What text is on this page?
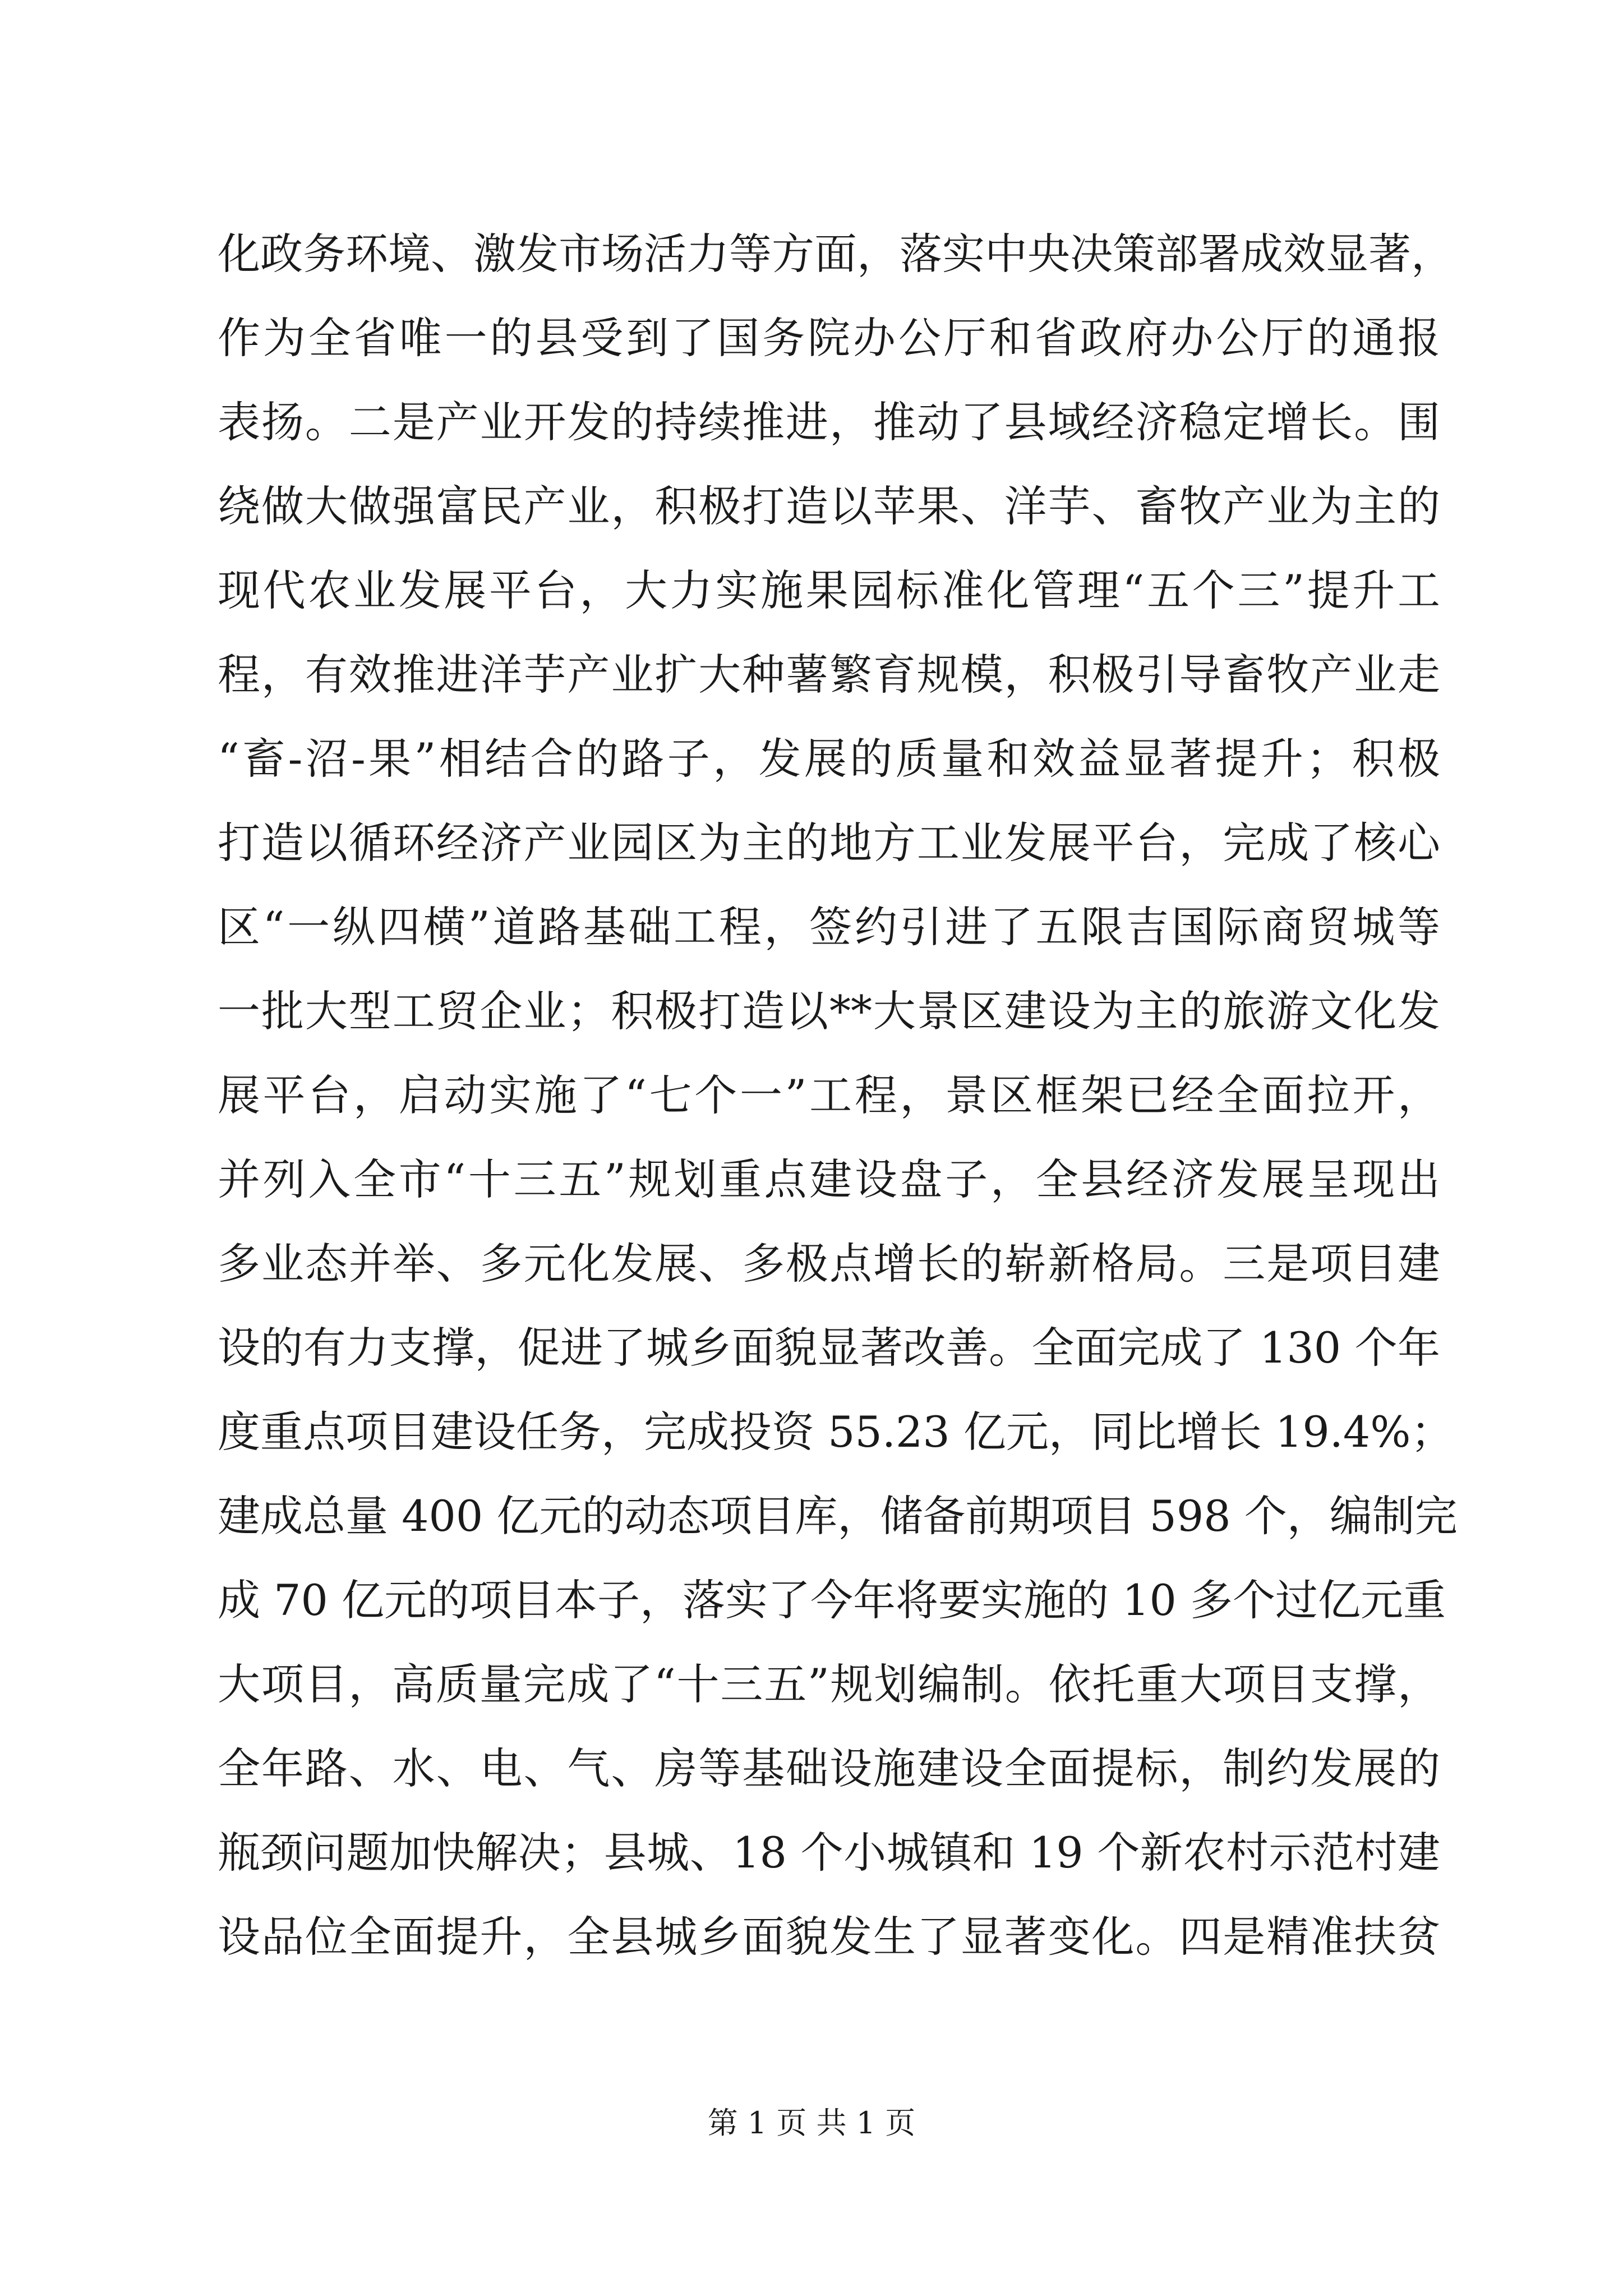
化政务环境、激发市场活力等方面，落实中央决策部署成效显著，
作为全省唯一的县受到了国务院办公厅和省政府办公厅的通报
表扬。二是产业开发的持续推进，推动了县域经济稳定增长。围
绕做大做强富民产业，积极打造以苹果、洋芋、畜牧产业为主的
现代农业发展平台，大力实施果园标准化管理“五个三”提升工
程，有效推进洋芋产业扩大种薯繁育规模，积极引导畜牧产业走
“畜-沼-果”相结合的路子，发展的质量和效益显著提升；积极
打造以循环经济产业园区为主的地方工业发展平台，完成了核心
区“一纵四横”道路基础工程，签约引进了五限吉国际商贸城等
一批大型工贸企业；积极打造以**大景区建设为主的旅游文化发
展平台，启动实施了“七个一”工程，景区框架已经全面拉开，
并列入全市“十三五”规划重点建设盘子，全县经济发展呈现出
多业态并举、多元化发展、多极点增长的崭新格局。三是项目建
设的有力支撑，促进了城乡面貌显著改善。全面完成了 130 个年
度重点项目建设任务，完成投资 55.23 亿元，同比增长 19.4%；
建成总量 400 亿元的动态项目库，储备前期项目 598 个，编制完
成 70 亿元的项目本子，落实了今年将要实施的 10 多个过亿元重
大项目，高质量完成了“十三五”规划编制。依托重大项目支撑，
全年路、水、电、气、房等基础设施建设全面提标，制约发展的
瓶颈问题加快解决；县城、18 个小城镇和 19 个新农村示范村建
设品位全面提升，全县城乡面貌发生了显著变化。四是精准扶贫
第 1 页 共 1 页
